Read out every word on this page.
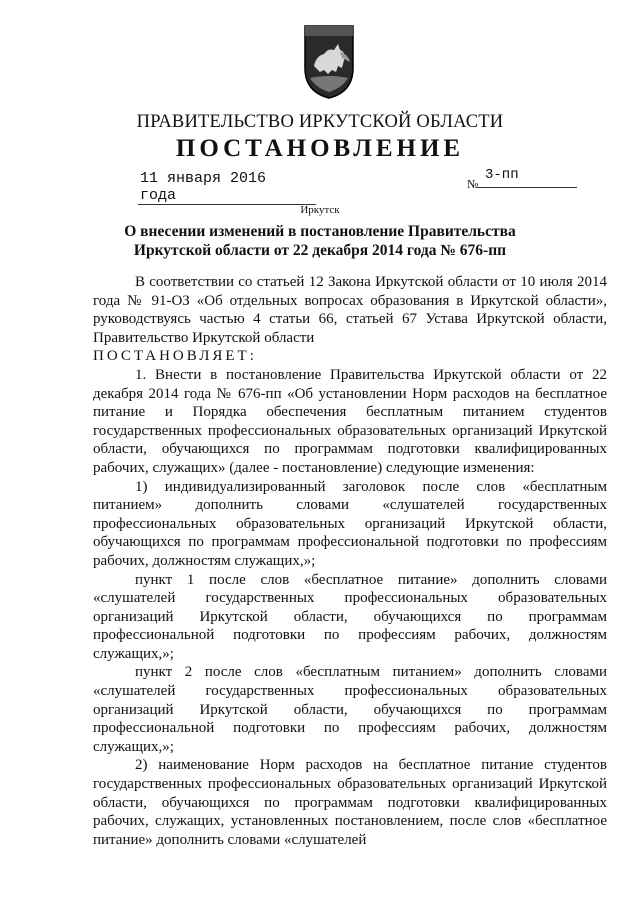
ПРАВИТЕЛЬСТВО ИРКУТСКОЙ ОБЛАСТИ
ПОСТАНОВЛЕНИЕ
11 января 2016 года
№
3-пп
Иркутск
О внесении изменений в постановление Правительства
Иркутской области от 22 декабря 2014 года № 676-пп

В соответствии со статьей 12 Закона Иркутской области от 10 июля 2014 года № 91-ОЗ «Об отдельных вопросах образования в Иркутской области», руководствуясь частью 4 статьи 66, статьей 67 Устава Иркутской области, Правительство Иркутской области

ПОСТАНОВЛЯЕТ:

1. Внести в постановление Правительства Иркутской области от 22 декабря 2014 года № 676-пп «Об установлении Норм расходов на бесплатное питание и Порядка обеспечения бесплатным питанием студентов государственных профессиональных образовательных организаций Иркутской области, обучающихся по программам подготовки квалифицированных рабочих, служащих» (далее - постановление) следующие изменения:

1) индивидуализированный заголовок после слов «бесплатным питанием» дополнить словами «слушателей государственных профессиональных образовательных организаций Иркутской области, обучающихся по программам профессиональной подготовки по профессиям рабочих, должностям служащих,»;

пункт 1 после слов «бесплатное питание» дополнить словами «слушателей государственных профессиональных образовательных организаций Иркутской области, обучающихся по программам профессиональной подготовки по профессиям рабочих, должностям служащих,»;

пункт 2 после слов «бесплатным питанием» дополнить словами «слушателей государственных профессиональных образовательных организаций Иркутской области, обучающихся по программам профессиональной подготовки по профессиям рабочих, должностям служащих,»;

2) наименование Норм расходов на бесплатное питание студентов государственных профессиональных образовательных организаций Иркутской области, обучающихся по программам подготовки квалифицированных рабочих, служащих, установленных постановлением, после слов «бесплатное питание» дополнить словами «слушателей
